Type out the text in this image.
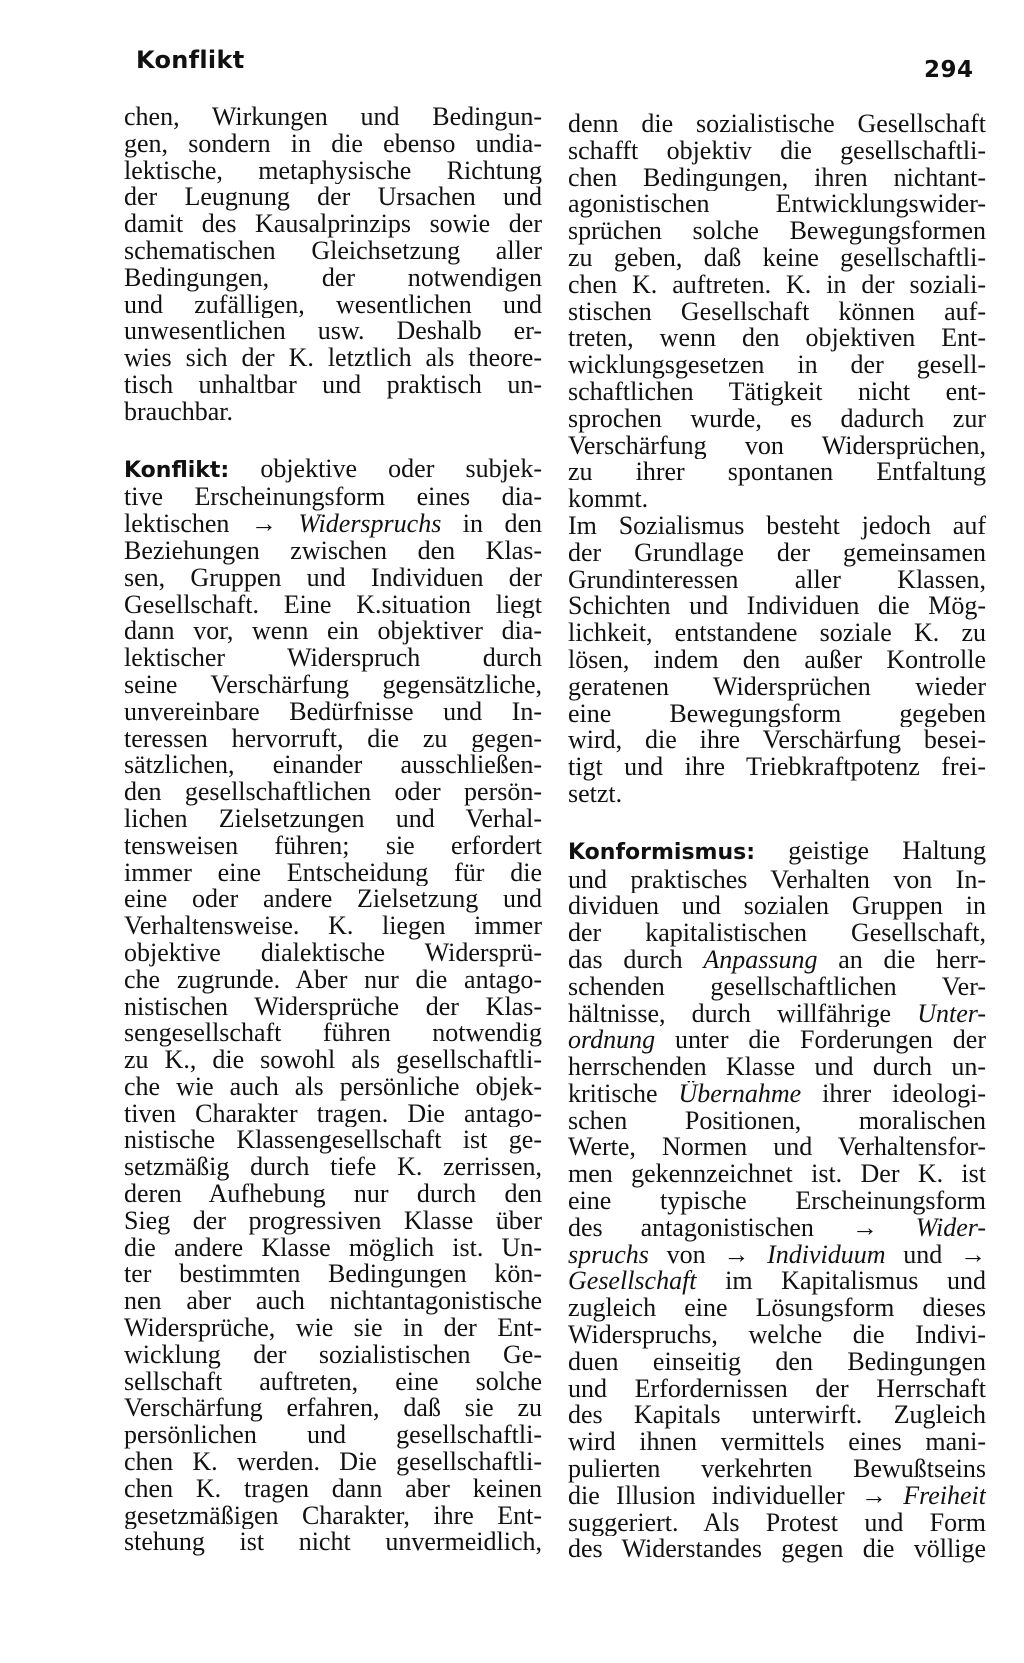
Konflikt	294
chen, Wirkungen und Bedingun-
gen, sondern in die ebenso undia-
lektische, metaphysische Richtung
der Leugnung der Ursachen und
damit des Kausalprinzips sowie der
schematischen Gleichsetzung aller
Bedingungen, der notwendigen
und zufälligen, wesentlichen und
unwesentlichen usw. Deshalb er-
wies sich der K. letztlich als theore-
tisch unhaltbar und praktisch un-
brauchbar.
Konflikt: objektive oder subjek-
tive Erscheinungsform eines dia-
lektischen → Widerspruchs in den
Beziehungen zwischen den Klas-
sen, Gruppen und Individuen der
Gesellschaft. Eine K.situation liegt
dann vor, wenn ein objektiver dia-
lektischer Widerspruch durch
seine Verschärfung gegensätzliche,
unvereinbare Bedürfnisse und In-
teressen hervorruft, die zu gegen-
sätzlichen, einander ausschließen-
den gesellschaftlichen oder persön-
lichen Zielsetzungen und Verhal-
tensweisen führen; sie erfordert
immer eine Entscheidung für die
eine oder andere Zielsetzung und
Verhaltensweise. K. liegen immer
objektive dialektische Widersprü-
che zugrunde. Aber nur die antago-
nistischen Widersprüche der Klas-
sengesellschaft führen notwendig
zu K., die sowohl als gesellschaftli-
che wie auch als persönliche objek-
tiven Charakter tragen. Die antago-
nistische Klassengesellschaft ist ge-
setzmäßig durch tiefe K. zerrissen,
deren Aufhebung nur durch den
Sieg der progressiven Klasse über
die andere Klasse möglich ist. Un-
ter bestimmten Bedingungen kön-
nen aber auch nichtantagonistische
Widersprüche, wie sie in der Ent-
wicklung der sozialistischen Ge-
sellschaft auftreten, eine solche
Verschärfung erfahren, daß sie zu
persönlichen und gesellschaftli-
chen K. werden. Die gesellschaftli-
chen K. tragen dann aber keinen
gesetzmäßigen Charakter, ihre Ent-
stehung ist nicht unvermeidlich,
denn die sozialistische Gesellschaft
schafft objektiv die gesellschaftli-
chen Bedingungen, ihren nichtant-
agonistischen Entwicklungswider-
sprüchen solche Bewegungsformen
zu geben, daß keine gesellschaftli-
chen K. auftreten. K. in der soziali-
stischen Gesellschaft können auf-
treten, wenn den objektiven Ent-
wicklungsgesetzen in der gesell-
schaftlichen Tätigkeit nicht ent-
sprochen wurde, es dadurch zur
Verschärfung von Widersprüchen,
zu ihrer spontanen Entfaltung
kommt.
Im Sozialismus besteht jedoch auf
der Grundlage der gemeinsamen
Grundinteressen aller Klassen,
Schichten und Individuen die Mög-
lichkeit, entstandene soziale K. zu
lösen, indem den außer Kontrolle
geratenen Widersprüchen wieder
eine Bewegungsform gegeben
wird, die ihre Verschärfung besei-
tigt und ihre Triebkraftpotenz frei-
setzt.
Konformismus: geistige Haltung
und praktisches Verhalten von In-
dividuen und sozialen Gruppen in
der kapitalistischen Gesellschaft,
das durch Anpassung an die herr-
schenden gesellschaftlichen Ver-
hältnisse, durch willfährige Unter-
ordnung unter die Forderungen der
herrschenden Klasse und durch un-
kritische Übernahme ihrer ideologi-
schen Positionen, moralischen
Werte, Normen und Verhaltensfor-
men gekennzeichnet ist. Der K. ist
eine typische Erscheinungsform
des antagonistischen → Wider-
spruchs von → Individuum und →
Gesellschaft im Kapitalismus und
zugleich eine Lösungsform dieses
Widerspruchs, welche die Indivi-
duen einseitig den Bedingungen
und Erfordernissen der Herrschaft
des Kapitals unterwirft. Zugleich
wird ihnen vermittels eines mani-
pulierten verkehrten Bewußtseins
die Illusion individueller → Freiheit
suggeriert. Als Protest und Form
des Widerstandes gegen die völlige
